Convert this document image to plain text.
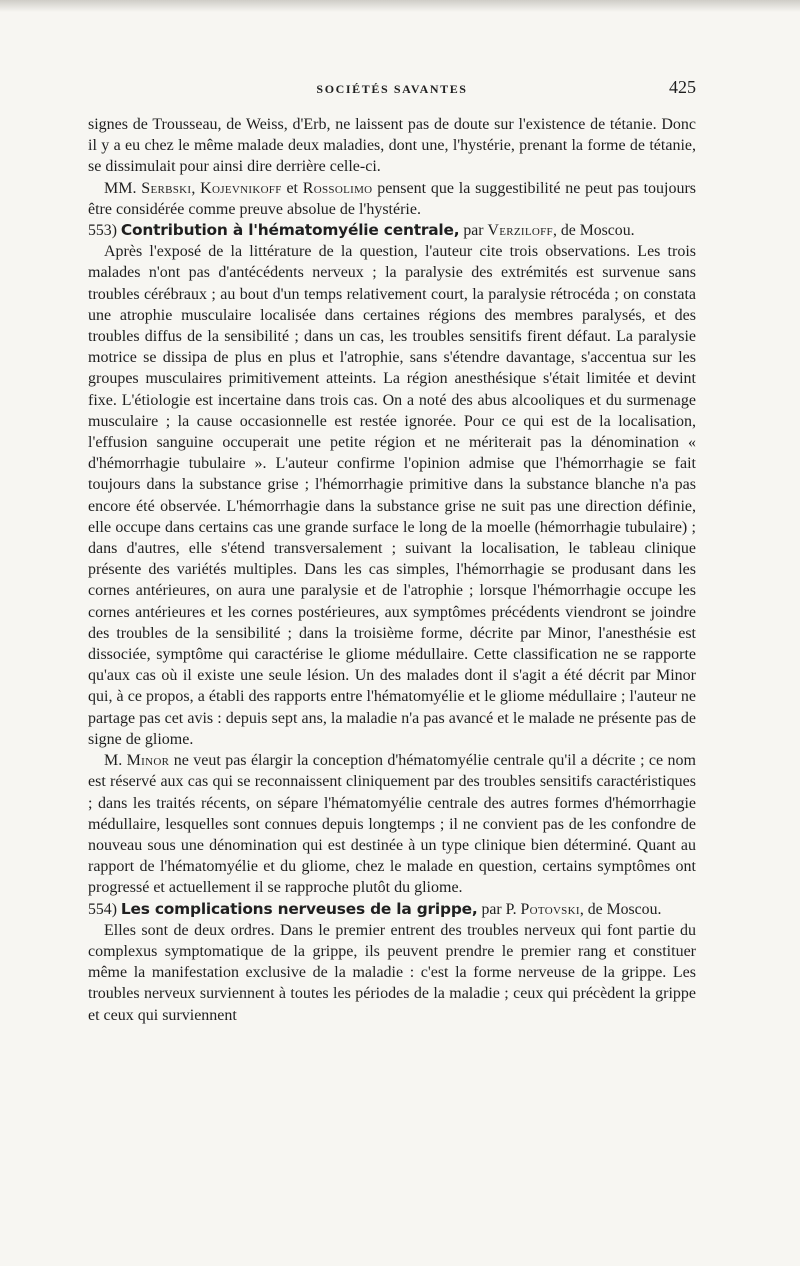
SOCIÉTÉS SAVANTES	425

signes de Trousseau, de Weiss, d'Erb, ne laissent pas de doute sur l'existence de tétanie. Donc il y a eu chez le même malade deux maladies, dont une, l'hystérie, prenant la forme de tétanie, se dissimulait pour ainsi dire derrière celle-ci.

MM. Serbski, Kojevnikoff et Rossolimo pensent que la suggestibilité ne peut pas toujours être considérée comme preuve absolue de l'hystérie.

553) Contribution à l'hématomyélie centrale, par Verziloff, de Moscou.

Après l'exposé de la littérature de la question, l'auteur cite trois observations. Les trois malades n'ont pas d'antécédents nerveux ; la paralysie des extrémités est survenue sans troubles cérébraux ; au bout d'un temps relativement court, la paralysie rétrocéda ; on constata une atrophie musculaire localisée dans certaines régions des membres paralysés, et des troubles diffus de la sensibilité ; dans un cas, les troubles sensitifs firent défaut. La paralysie motrice se dissipa de plus en plus et l'atrophie, sans s'étendre davantage, s'accentua sur les groupes musculaires primitivement atteints. La région anesthésique s'était limitée et devint fixe. L'étiologie est incertaine dans trois cas. On a noté des abus alcooliques et du surmenage musculaire ; la cause occasionnelle est restée ignorée. Pour ce qui est de la localisation, l'effusion sanguine occuperait une petite région et ne mériterait pas la dénomination « d'hémorrhagie tubulaire ». L'auteur confirme l'opinion admise que l'hémorrhagie se fait toujours dans la substance grise ; l'hémorrhagie primitive dans la substance blanche n'a pas encore été observée. L'hémorrhagie dans la substance grise ne suit pas une direction définie, elle occupe dans certains cas une grande surface le long de la moelle (hémorrhagie tubulaire) ; dans d'autres, elle s'étend transversalement ; suivant la localisation, le tableau clinique présente des variétés multiples. Dans les cas simples, l'hémorrhagie se produsant dans les cornes antérieures, on aura une paralysie et de l'atrophie ; lorsque l'hémorrhagie occupe les cornes antérieures et les cornes postérieures, aux symptômes précédents viendront se joindre des troubles de la sensibilité ; dans la troisième forme, décrite par Minor, l'anesthésie est dissociée, symptôme qui caractérise le gliome médullaire. Cette classification ne se rapporte qu'aux cas où il existe une seule lésion. Un des malades dont il s'agit a été décrit par Minor qui, à ce propos, a établi des rapports entre l'hématomyélie et le gliome médullaire ; l'auteur ne partage pas cet avis : depuis sept ans, la maladie n'a pas avancé et le malade ne présente pas de signe de gliome.

M. Minor ne veut pas élargir la conception d'hématomyélie centrale qu'il a décrite ; ce nom est réservé aux cas qui se reconnaissent cliniquement par des troubles sensitifs caractéristiques ; dans les traités récents, on sépare l'hématomyélie centrale des autres formes d'hémorrhagie médullaire, lesquelles sont connues depuis longtemps ; il ne convient pas de les confondre de nouveau sous une dénomination qui est destinée à un type clinique bien déterminé. Quant au rapport de l'hématomyélie et du gliome, chez le malade en question, certains symptômes ont progressé et actuellement il se rapproche plutôt du gliome.

554) Les complications nerveuses de la grippe, par P. Potovski, de Moscou.

Elles sont de deux ordres. Dans le premier entrent des troubles nerveux qui font partie du complexus symptomatique de la grippe, ils peuvent prendre le premier rang et constituer même la manifestation exclusive de la maladie : c'est la forme nerveuse de la grippe. Les troubles nerveux surviennent à toutes les périodes de la maladie ; ceux qui précèdent la grippe et ceux qui surviennent
